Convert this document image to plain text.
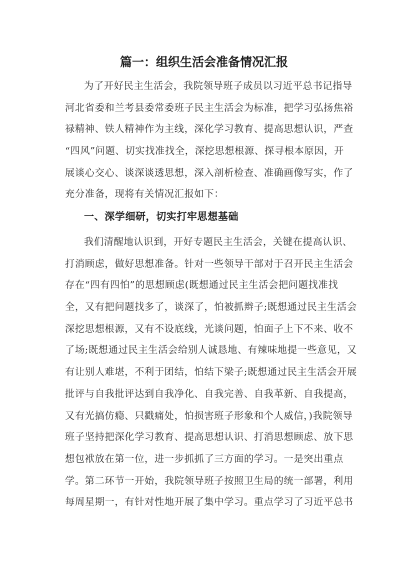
篇一：组织生活会准备情况汇报
为了开好民主生活会，我院领导班子成员以习近平总书记指导
河北省委和兰考县委常委班子民主生活会为标准，把学习弘扬焦裕
禄精神、铁人精神作为主线，深化学习教育、提高思想认识，严查
“四风”问题、切实找准找全，深挖思想根源、探寻根本原因，开
展谈心交心、谈深谈透思想，深入剖析检查、准确画像写实，作了
充分准备，现将有关情况汇报如下：
一、深学细研，切实打牢思想基础
我们清醒地认识到，开好专题民主生活会，关键在提高认识、
打消顾虑，做好思想准备。针对一些领导干部对于召开民主生活会
存在“四有四怕”的思想顾虑(既想通过民主生活会把问题找准找
全，又有把问题找多了，谈深了，怕被抓辫子;既想通过民主生活会
深挖思想根源，又有不设底线，光谈问题，怕面子上下不来、收不
了场;既想通过民主生活会给别人诚恳地、有辣味地提一些意见，又
有让别人难堪，不利于团结，怕结下梁子;既想通过民主生活会开展
批评与自我批评达到自我净化、自我完善、自我革新、自我提高，
又有光搞仿瘾、只戳痛处，怕损害班子形象和个人威信，)我院领导
班子坚持把深化学习教育、提高思想认识、打消思想顾虑、放下思
想包袱放在第一位，进一步抓抓了三方面的学习。一是突出重点
学。第二环节一开始，我院领导班子按照卫生局的统一部署，利用
每周星期一，有针对性地开展了集中学习。重点学习了习近平总书
